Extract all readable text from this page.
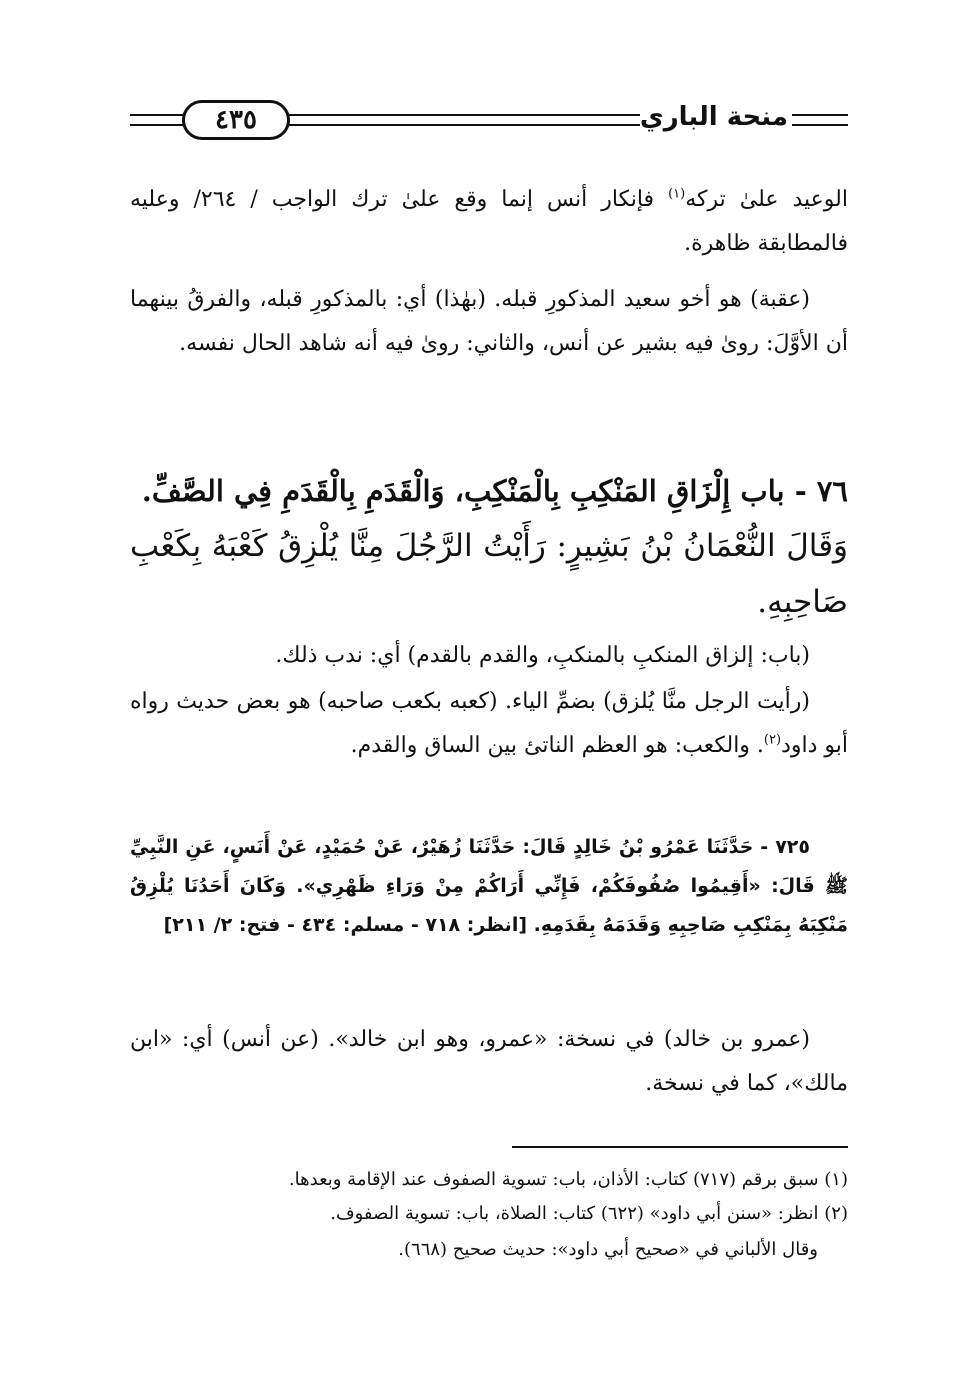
٤٣٥	منحة الباري

الوعيد علىٰ تركه$^{(١)}$ فإنكار أنس إنما وقع علىٰ ترك الواجب / ٢٦٤/ وعليه فالمطابقة ظاهرة.

(عقبة) هو أخو سعيد المذكورِ قبله. (بهٰذا) أي: بالمذكورِ قبله، والفرقُ بينهما أن الأوَّلَ: روىٰ فيه بشير عن أنس، والثاني: روىٰ فيه أنه شاهد الحال نفسه.

٧٦ - باب إِلْزَاقِ المَنْكِبِ بِالْمَنْكِبِ، وَالْقَدَمِ بِالْقَدَمِ فِي الصَّفِّ.

وَقَالَ النُّعْمَانُ بْنُ بَشِيرٍ: رَأَيْتُ الرَّجُلَ مِنَّا يُلْزِقُ كَعْبَهُ بِكَعْبِ صَاحِبِهِ.

(باب: إلزاق المنكبِ بالمنكبِ، والقدم بالقدم) أي: ندب ذلك.

(رأيت الرجل منَّا يُلزق) بضمِّ الياء. (كعبه بكعب صاحبه) هو بعض حديث رواه أبو داود$^{(٢)}$. والكعب: هو العظم الناتئ بين الساق والقدم.

٧٢٥ - حَدَّثَنَا عَمْرُو بْنُ خَالِدٍ قَالَ: حَدَّثَنَا زُهَيْرٌ، عَنْ حُمَيْدٍ، عَنْ أَنَسٍ، عَنِ النَّبِيِّ ﷺ قَالَ: «أَقِيمُوا صُفُوفَكُمْ، فَإِنِّي أَرَاكُمْ مِنْ وَرَاءِ ظَهْرِي». وَكَانَ أَحَدُنَا يُلْزِقُ مَنْكِبَهُ بِمَنْكِبِ صَاحِبِهِ وَقَدَمَهُ بِقَدَمِهِ. [انظر: ٧١٨ - مسلم: ٤٣٤ - فتح: ٢/ ٢١١]

(عمرو بن خالد) في نسخة: «عمرو، وهو ابن خالد». (عن أنس) أي: «ابن مالك»، كما في نسخة.

(١) سبق برقم (٧١٧) كتاب: الأذان، باب: تسوية الصفوف عند الإقامة وبعدها.

(٢) انظر: «سنن أبي داود» (٦٢٢) كتاب: الصلاة، باب: تسوية الصفوف.

وقال الألباني في «صحيح أبي داود»: حديث صحيح (٦٦٨).
